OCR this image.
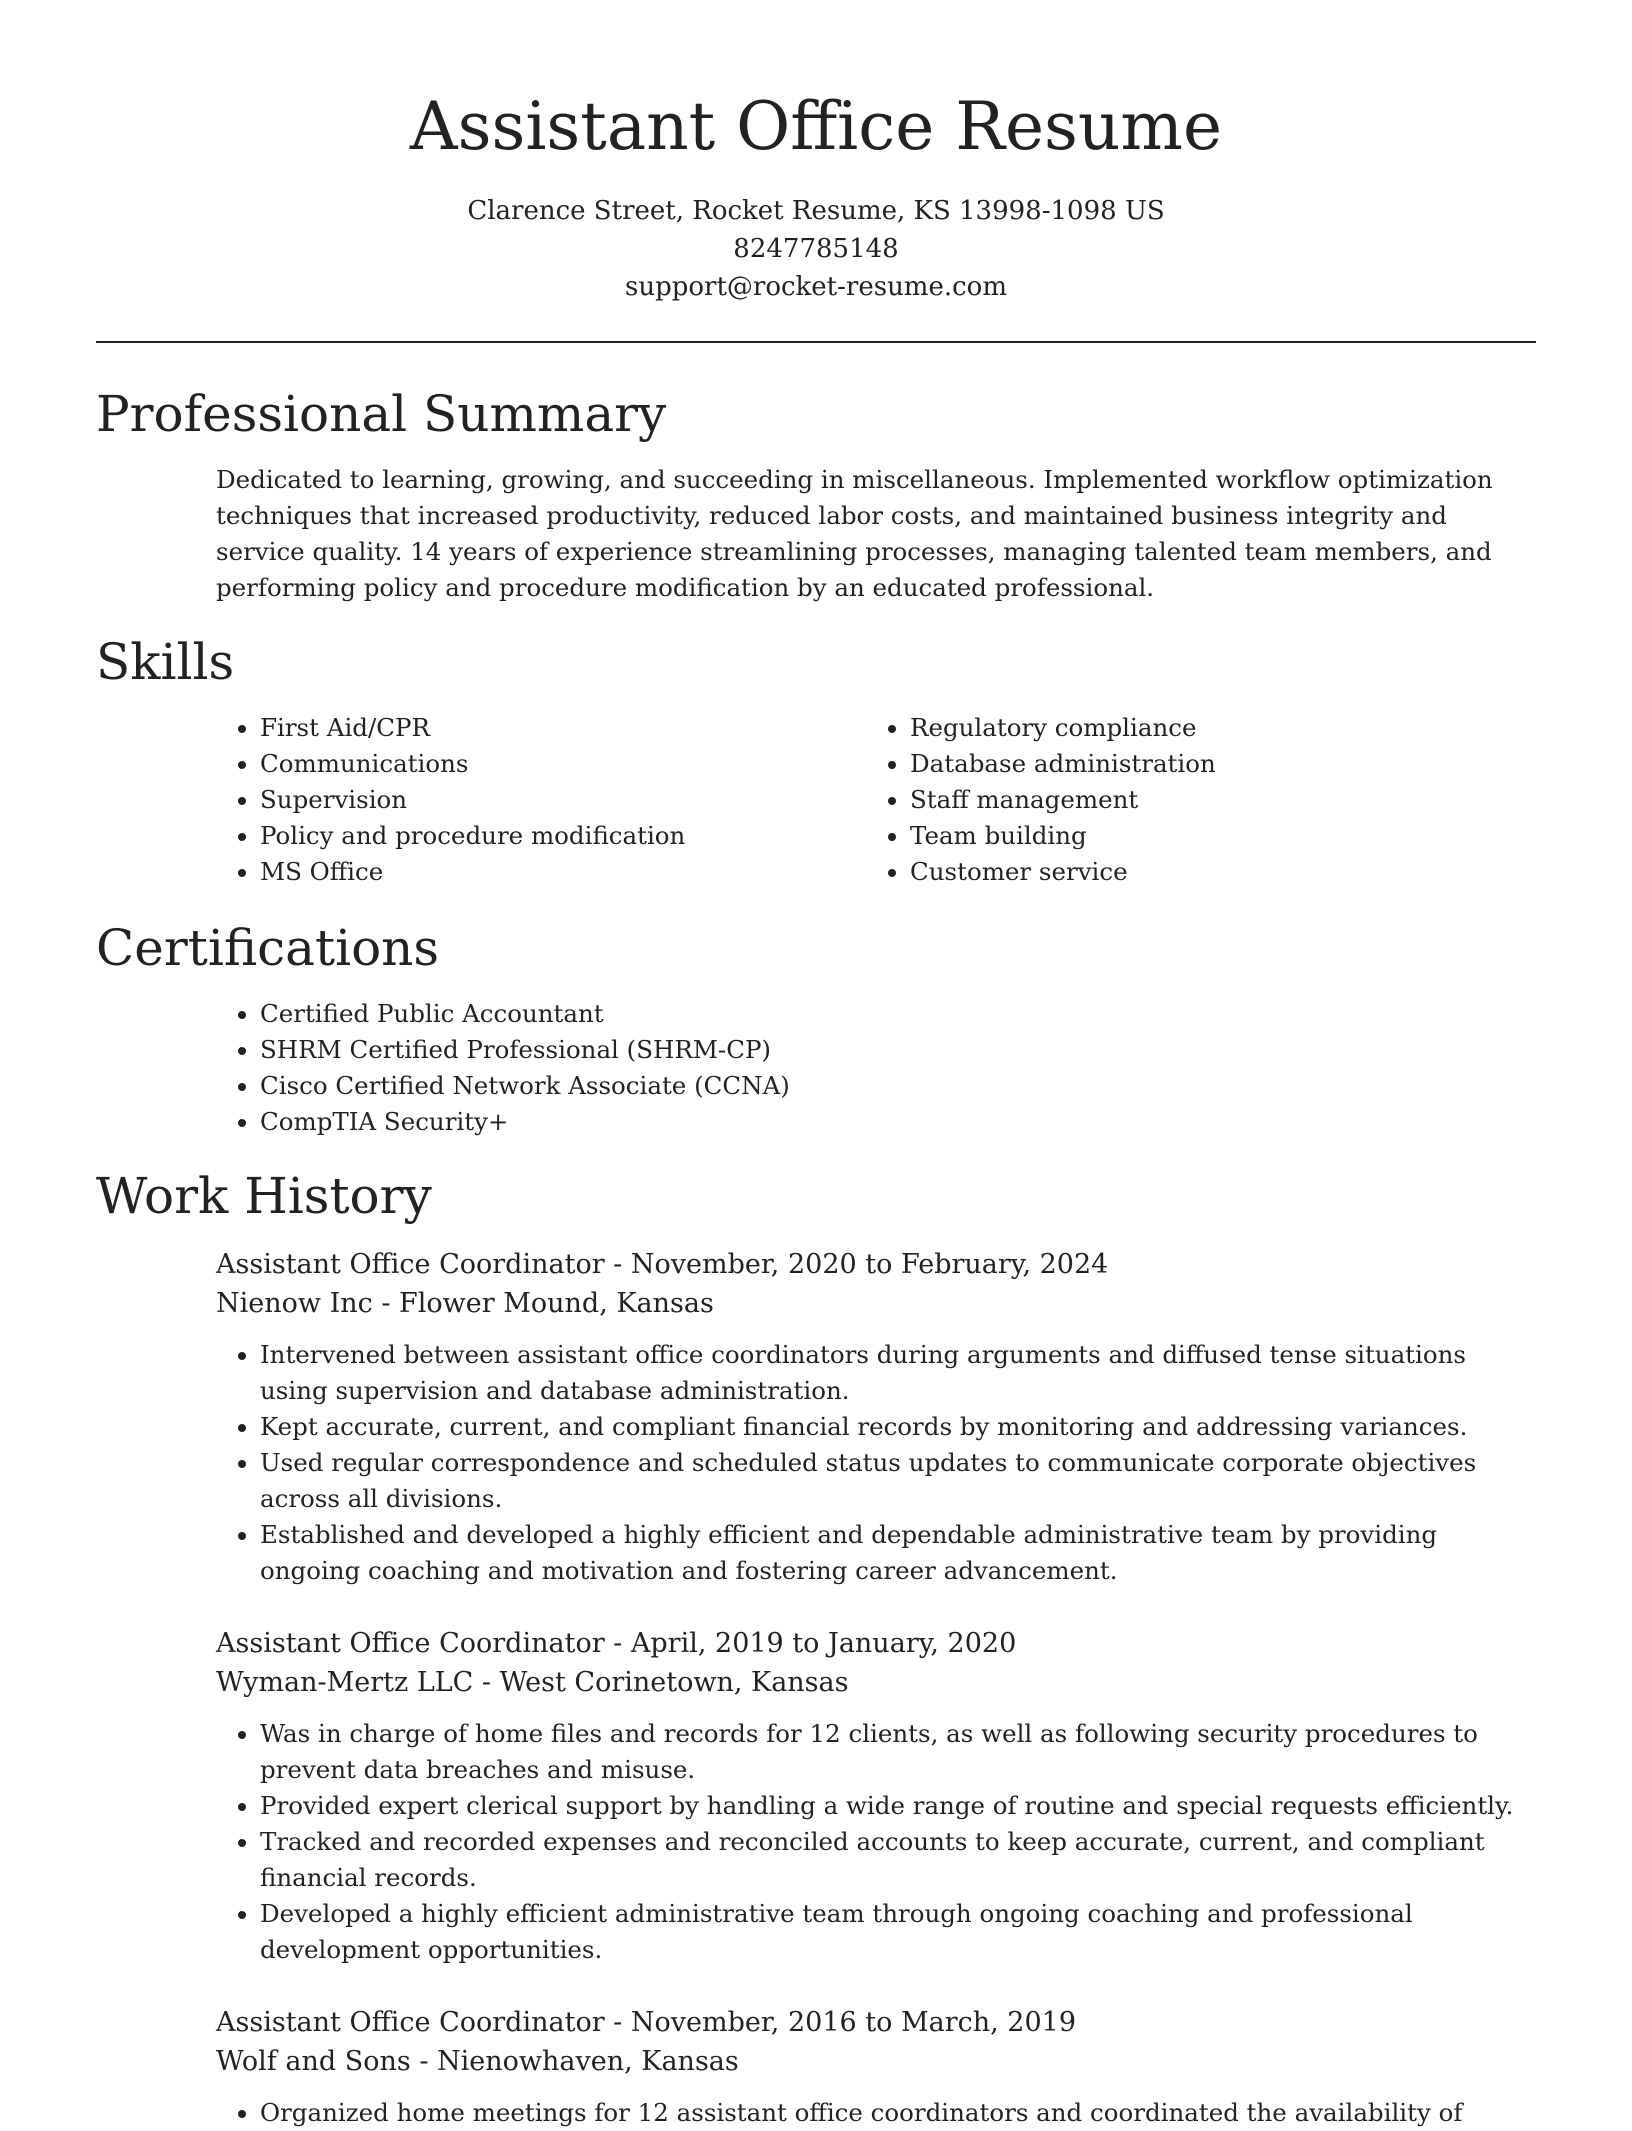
Assistant Office Resume
Clarence Street, Rocket Resume, KS 13998-1098 US
8247785148
support@rocket-resume.com
Professional Summary

Dedicated to learning, growing, and succeeding in miscellaneous. Implemented workflow optimization techniques that increased productivity, reduced labor costs, and maintained business integrity and service quality. 14 years of experience streamlining processes, managing talented team members, and performing policy and procedure modification by an educated professional.

Skills
• First Aid/CPR
• Communications
• Supervision
• Policy and procedure modification
• MS Office
• Regulatory compliance
• Database administration
• Staff management
• Team building
• Customer service
Certifications
• Certified Public Accountant
• SHRM Certified Professional (SHRM-CP)
• Cisco Certified Network Associate (CCNA)
• CompTIA Security+
Work History
Assistant Office Coordinator - November, 2020 to February, 2024
Nienow Inc - Flower Mound, Kansas
• Intervened between assistant office coordinators during arguments and diffused tense situations using supervision and database administration.
• Kept accurate, current, and compliant financial records by monitoring and addressing variances.
• Used regular correspondence and scheduled status updates to communicate corporate objectives across all divisions.
• Established and developed a highly efficient and dependable administrative team by providing ongoing coaching and motivation and fostering career advancement.
Assistant Office Coordinator - April, 2019 to January, 2020
Wyman-Mertz LLC - West Corinetown, Kansas
• Was in charge of home files and records for 12 clients, as well as following security procedures to prevent data breaches and misuse.
• Provided expert clerical support by handling a wide range of routine and special requests efficiently.
• Tracked and recorded expenses and reconciled accounts to keep accurate, current, and compliant financial records.
• Developed a highly efficient administrative team through ongoing coaching and professional development opportunities.
Assistant Office Coordinator - November, 2016 to March, 2019
Wolf and Sons - Nienowhaven, Kansas
• Organized home meetings for 12 assistant office coordinators and coordinated the availability of
